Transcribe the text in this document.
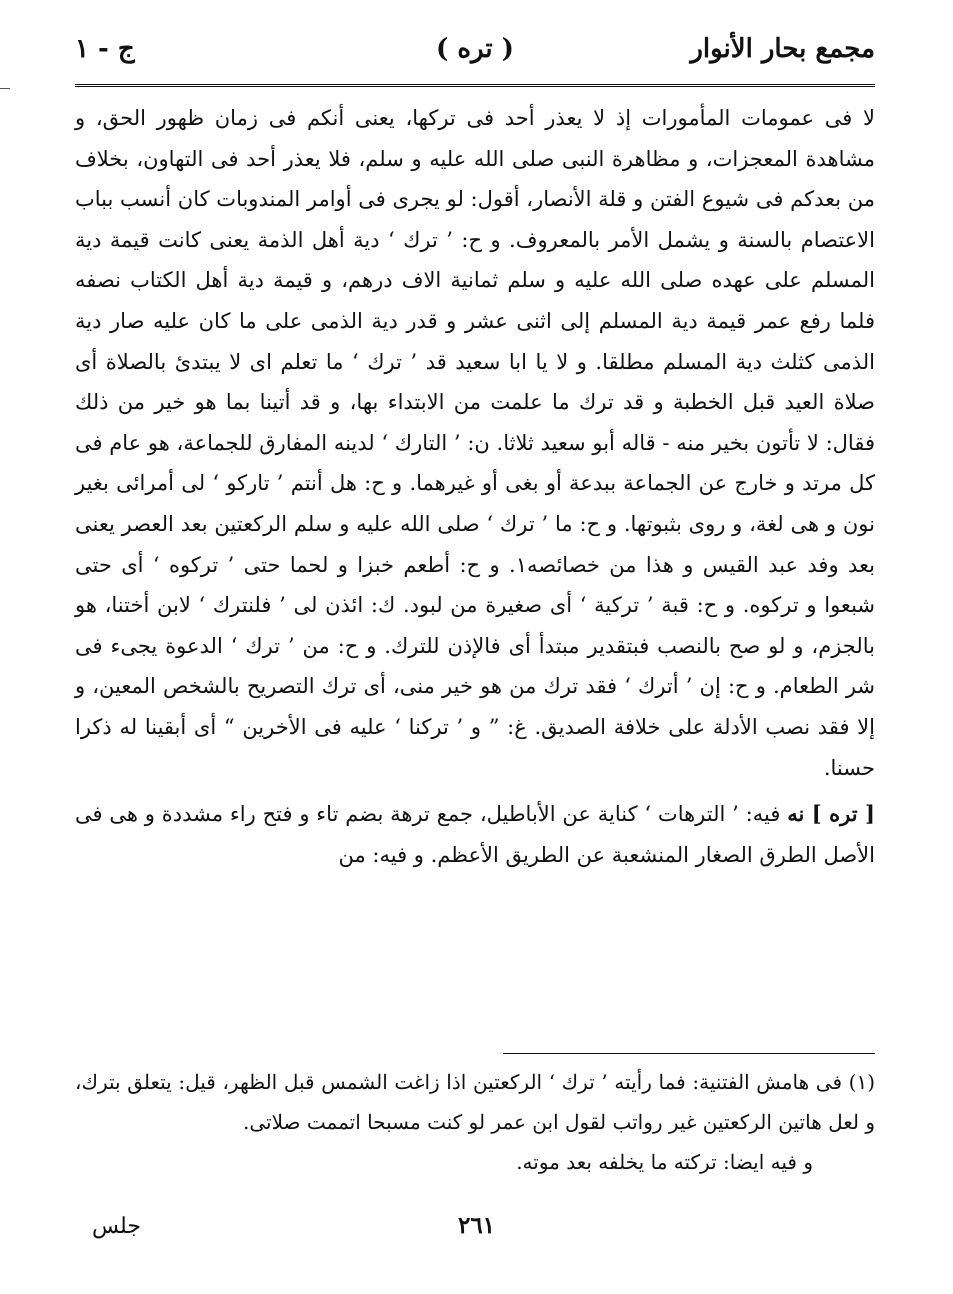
مجمع بحار الأنوار
( تره )
ج - ١

لا فى عمومات المأمورات إذ لا يعذر أحد فى تركها، يعنى أنكم فى زمان ظهور الحق، و مشاهدة المعجزات، و مظاهرة النبى صلى الله عليه و سلم، فلا يعذر أحد فى التهاون، بخلاف من بعدكم فى شيوع الفتن و قلة الأنصار، أقول: لو يجرى فى أوامر المندوبات كان أنسب بباب الاعتصام بالسنة و يشمل الأمر بالمعروف. و ح: ’ ترك ‘ دية أهل الذمة يعنى كانت قيمة دية المسلم على عهده صلى الله عليه و سلم ثمانية الاف درهم، و قيمة دية أهل الكتاب نصفه فلما رفع عمر قيمة دية المسلم إلى اثنى عشر و قدر دية الذمى على ما كان عليه صار دية الذمى كثلث دية المسلم مطلقا. و لا يا ابا سعيد قد ’ ترك ‘ ما تعلم اى لا يبتدئ بالصلاة أى صلاة العيد قبل الخطبة و قد ترك ما علمت من الابتداء بها، و قد أتينا بما هو خير من ذلك فقال: لا تأتون بخير منه - قاله أبو سعيد ثلاثا. ن: ’ التارك ‘ لدينه المفارق للجماعة، هو عام فى كل مرتد و خارج عن الجماعة ببدعة أو بغى أو غيرهما. و ح: هل أنتم ’ تاركو ‘ لى أمرائى بغير نون و هى لغة، و روى بثبوتها. و ح: ما ’ ترك ‘ صلى الله عليه و سلم الركعتين بعد العصر يعنى بعد وفد عبد القيس و هذا من خصائصه١. و ح: أطعم خبزا و لحما حتى ’ تركوه ‘ أى حتى شبعوا و تركوه. و ح: قبة ’ تركية ‘ أى صغيرة من لبود. ك: ائذن لى ’ فلنترك ‘ لابن أختنا، هو بالجزم، و لو صح بالنصب فبتقدير مبتدأ أى فالإذن للترك. و ح: من ’ ترك ‘ الدعوة يجىء فى شر الطعام. و ح: إن ’ أترك ‘ فقد ترك من هو خير منى، أى ترك التصريح بالشخص المعين، و إلا فقد نصب الأدلة على خلافة الصديق. غ: ” و ’ تركنا ‘ عليه فى الأخرين “ أى أبقينا له ذكرا حسنا.

[ تره ] نه فيه: ’ الترهات ‘ كناية عن الأباطيل، جمع ترهة بضم تاء و فتح راء مشددة و هى فى الأصل الطرق الصغار المنشعبة عن الطريق الأعظم. و فيه: من

(١) فى هامش الفتنية: فما رأيته ’ ترك ‘ الركعتين اذا زاغت الشمس قبل الظهر، قيل: يتعلق بترك، و لعل هاتين الركعتين غير رواتب لقول ابن عمر لو كنت مسبحا اتممت صلاتى.

و فيه ايضا: تركته ما يخلفه بعد موته.

٢٦١
جلس
